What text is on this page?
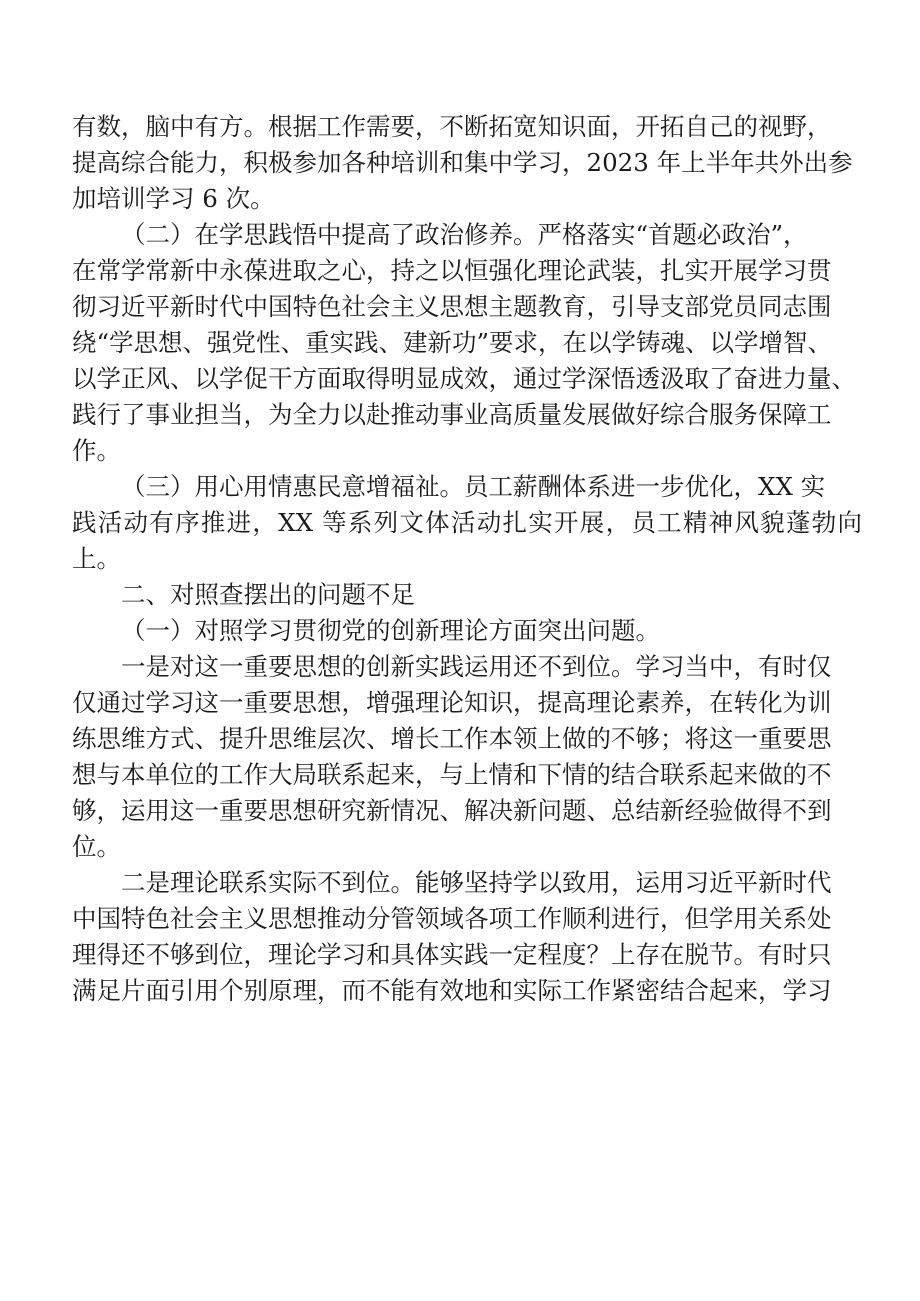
有数，脑中有方。根据工作需要，不断拓宽知识面，开拓自己的视野，
提高综合能力，积极参加各种培训和集中学习，2023 年上半年共外出参
加培训学习 6 次。

（二）在学思践悟中提高了政治修养。严格落实“首题必政治”，
在常学常新中永葆进取之心，持之以恒强化理论武装，扎实开展学习贯
彻习近平新时代中国特色社会主义思想主题教育，引导支部党员同志围
绕“学思想、强党性、重实践、建新功”要求，在以学铸魂、以学增智、
以学正风、以学促干方面取得明显成效，通过学深悟透汲取了奋进力量、
践行了事业担当，为全力以赴推动事业高质量发展做好综合服务保障工
作。

（三）用心用情惠民意增福祉。员工薪酬体系进一步优化，XX 实
践活动有序推进，XX 等系列文体活动扎实开展，员工精神风貌蓬勃向上。

二、对照查摆出的问题不足

（一）对照学习贯彻党的创新理论方面突出问题。

一是对这一重要思想的创新实践运用还不到位。学习当中，有时仅
仅通过学习这一重要思想，增强理论知识，提高理论素养，在转化为训
练思维方式、提升思维层次、增长工作本领上做的不够；将这一重要思
想与本单位的工作大局联系起来，与上情和下情的结合联系起来做的不
够，运用这一重要思想研究新情况、解决新问题、总结新经验做得不到
位。

二是理论联系实际不到位。能够坚持学以致用，运用习近平新时代
中国特色社会主义思想推动分管领域各项工作顺利进行，但学用关系处
理得还不够到位，理论学习和具体实践一定程度？上存在脱节。有时只
满足片面引用个别原理，而不能有效地和实际工作紧密结合起来，学习
